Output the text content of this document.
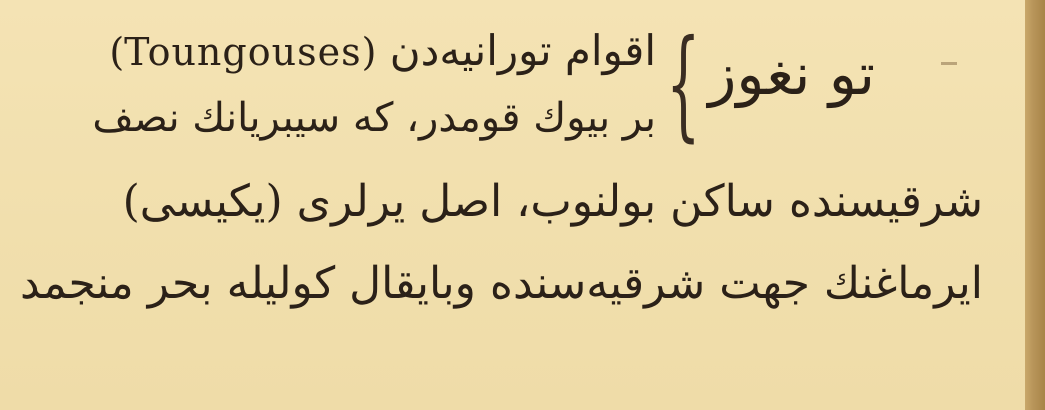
تو نغوز
{
اقوام تورانیه‌دن (Toungouses)
بر بیوك قومدر، كه سیبریانك نصف
شرقیسنده ساكن بولنوب، اصل یرلری (یكیسی)
ایرماغنك جهت شرقیه‌سنده وبایقال كولیله بحر منجمد
